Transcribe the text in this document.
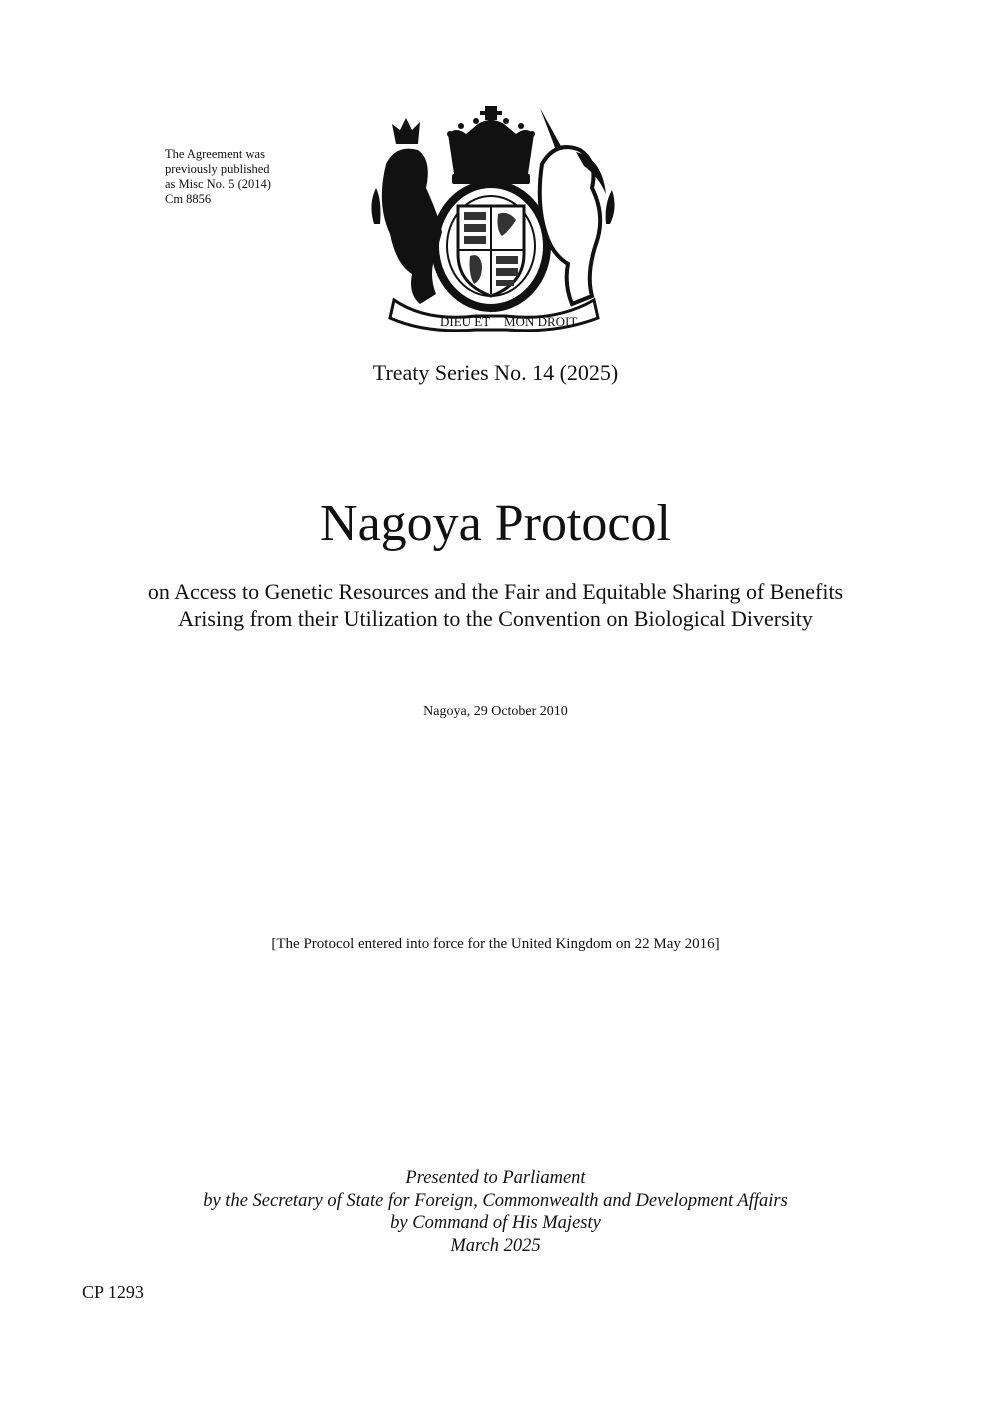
The Agreement was
previously published
as Misc No. 5 (2014)
Cm 8856
DIEU ET MON DROIT
Treaty Series No. 14 (2025)
Nagoya Protocol
on Access to Genetic Resources and the Fair and Equitable Sharing of Benefits
Arising from their Utilization to the Convention on Biological Diversity
Nagoya, 29 October 2010
[The Protocol entered into force for the United Kingdom on 22 May 2016]
Presented to Parliament
by the Secretary of State for Foreign, Commonwealth and Development Affairs
by Command of His Majesty
March 2025
CP 1293
